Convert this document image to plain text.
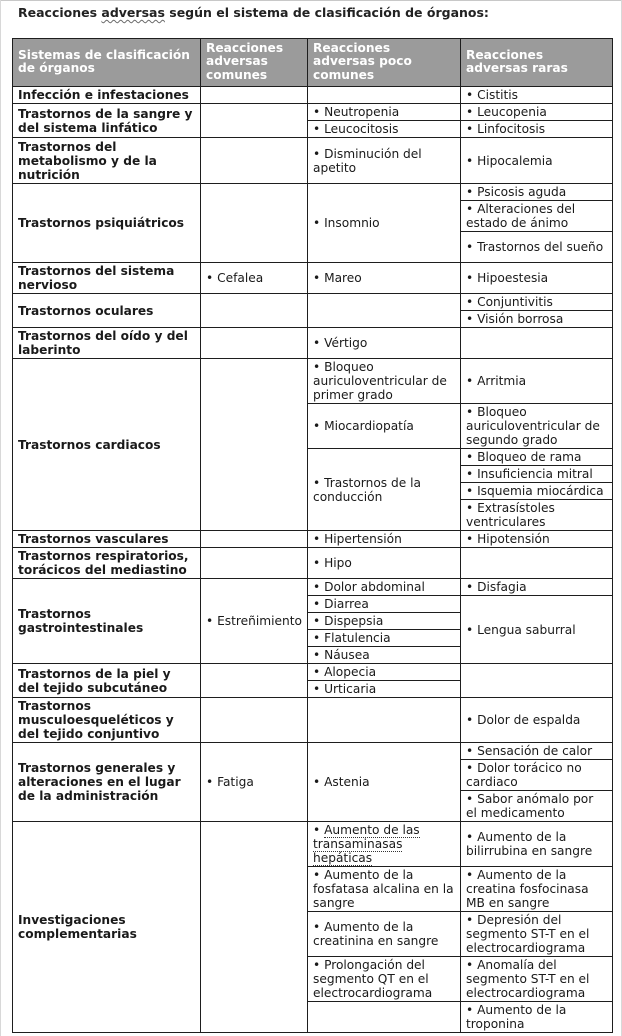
Reacciones adversas según el sistema de clasificación de órganos:
Sistemas de clasificación de órganos	Reacciones adversas comunes	Reacciones adversas poco comunes	Reacciones adversas raras
Infección e infestaciones			• Cistitis
Trastornos de la sangre y del sistema linfático		• Neutropenia	• Leucopenia
		• Leucocitosis	• Linfocitosis
Trastornos del metabolismo y de la nutrición		• Disminución del apetito	• Hipocalemia
Trastornos psiquiátricos		• Insomnio	• Psicosis aguda
			• Alteraciones del estado de ánimo
			• Trastornos del sueño
Trastornos del sistema nervioso	• Cefalea	• Mareo	• Hipoestesia
Trastornos oculares			• Conjuntivitis
			• Visión borrosa
Trastornos del oído y del laberinto		• Vértigo	
Trastornos cardiacos		• Bloqueo auriculoventricular de primer grado	• Arritmia
		• Miocardiopatía	• Bloqueo auriculoventricular de segundo grado
		• Trastornos de la conducción	• Bloqueo de rama
			• Insuficiencia mitral
			• Isquemia miocárdica
			• Extrasístoles ventriculares
Trastornos vasculares		• Hipertensión	• Hipotensión
Trastornos respiratorios, torácicos del mediastino		• Hipo	
Trastornos gastrointestinales	• Estreñimiento	• Dolor abdominal	• Disfagia
		• Diarrea	• Lengua saburral
		• Dispepsia
		• Flatulencia
		• Náusea
Trastornos de la piel y del tejido subcutáneo		• Alopecia	
		• Urticaria
Trastornos musculoesqueléticos y del tejido conjuntivo			• Dolor de espalda
Trastornos generales y alteraciones en el lugar de la administración	• Fatiga	• Astenia	• Sensación de calor
			• Dolor torácico no cardiaco
			• Sabor anómalo por el medicamento
Investigaciones complementarias		• Aumento de las transaminasas hepáticas	• Aumento de la bilirrubina en sangre
		• Aumento de la fosfatasa alcalina en la sangre	• Aumento de la creatina fosfocinasa MB en sangre
		• Aumento de la creatinina en sangre	• Depresión del segmento ST-T en el electrocardiograma
		• Prolongación del segmento QT en el electrocardiograma	• Anomalía del segmento ST-T en el electrocardiograma
			• Aumento de la troponina
